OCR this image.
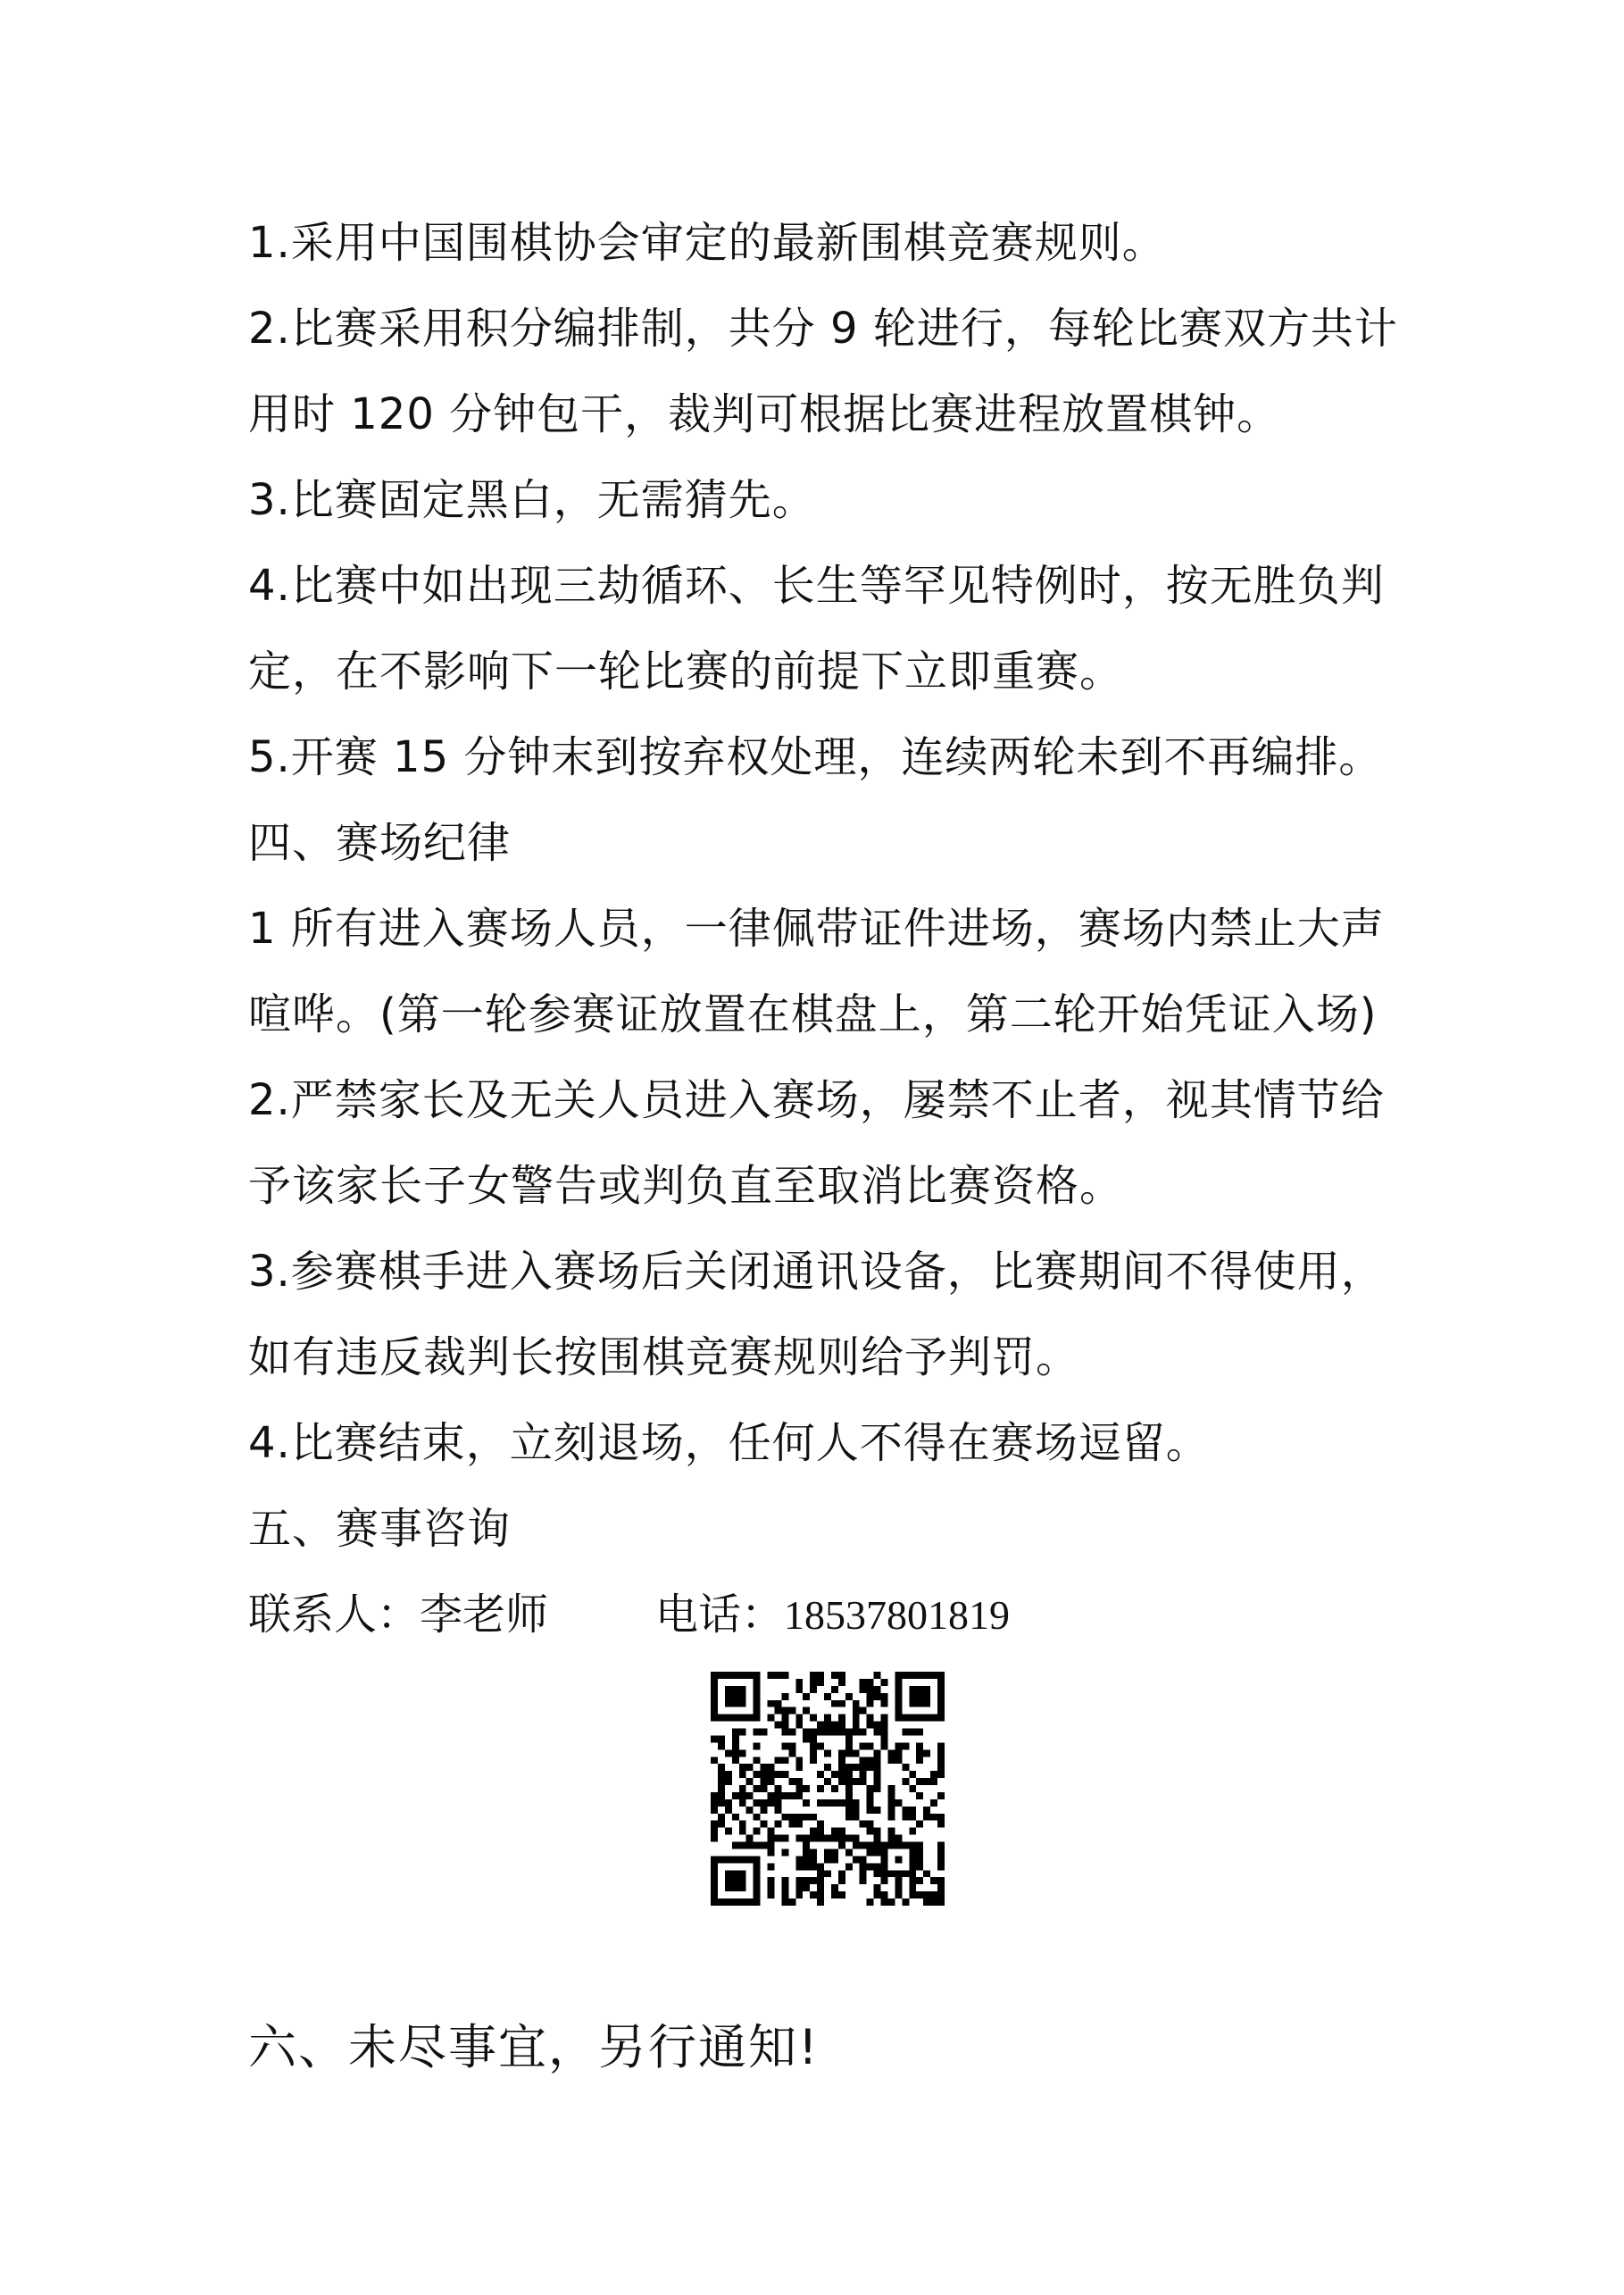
1.采用中国围棋协会审定的最新围棋竞赛规则。
2.比赛采用积分编排制，共分 9 轮进行，每轮比赛双方共计
用时 120 分钟包干，裁判可根据比赛进程放置棋钟。
3.比赛固定黑白，无需猜先。
4.比赛中如出现三劫循环、长生等罕见特例时，按无胜负判
定，在不影响下一轮比赛的前提下立即重赛。
5.开赛 15 分钟末到按弃权处理，连续两轮未到不再编排。
四、赛场纪律
1 所有进入赛场人员，一律佩带证件进场，赛场内禁止大声
喧哗。(第一轮参赛证放置在棋盘上，第二轮开始凭证入场)
2.严禁家长及无关人员进入赛场，屡禁不止者，视其情节给
予该家长子女警告或判负直至取消比赛资格。
3.参赛棋手进入赛场后关闭通讯设备，比赛期间不得使用，
如有违反裁判长按围棋竞赛规则给予判罚。
4.比赛结束，立刻退场，任何人不得在赛场逗留。
五、赛事咨询
联系人：李老师	电话：18537801819
六、未尽事宜，另行通知!
